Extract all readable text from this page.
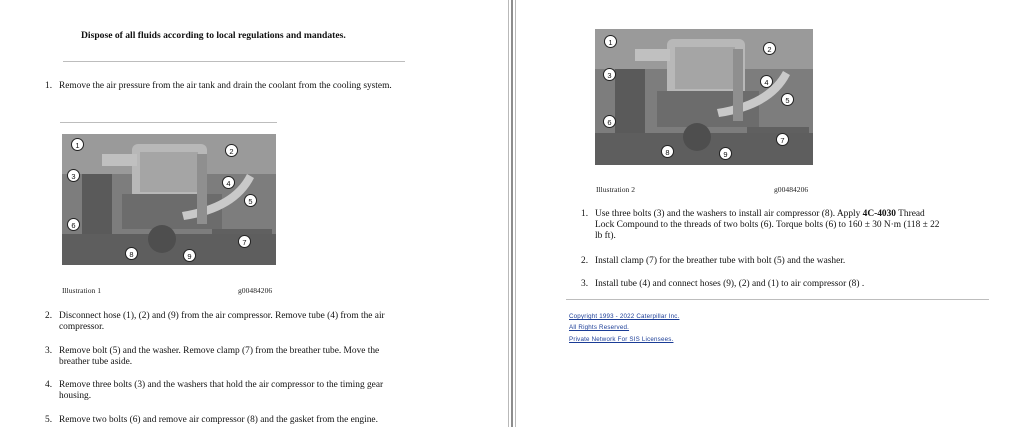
Dispose of all fluids according to local regulations and mandates.
1. Remove the air pressure from the air tank and drain the coolant from the cooling system.
1
2
3
4
5
6
7
8	9
Illustration 1	g00484206
2. Disconnect hose (1), (2) and (9) from the air compressor. Remove tube (4) from the air
compressor.
3. Remove bolt (5) and the washer. Remove clamp (7) from the breather tube. Move the
breather tube aside.
4. Remove three bolts (3) and the washers that hold the air compressor to the timing gear
housing.
5. Remove two bolts (6) and remove air compressor (8) and the gasket from the engine.
1
2
3
4
5
6
7
8	9
Illustration 2	g00484206
1. Use three bolts (3) and the washers to install air compressor (8). Apply 4C-4030 Thread
Lock Compound to the threads of two bolts (6). Torque bolts (6) to 160 ± 30 N·m (118 ± 22
lb ft).
2. Install clamp (7) for the breather tube with bolt (5) and the washer.
3. Install tube (4) and connect hoses (9), (2) and (1) to air compressor (8) .
Copyright 1993 - 2022 Caterpillar Inc.
All Rights Reserved.
Private Network For SIS Licensees.
